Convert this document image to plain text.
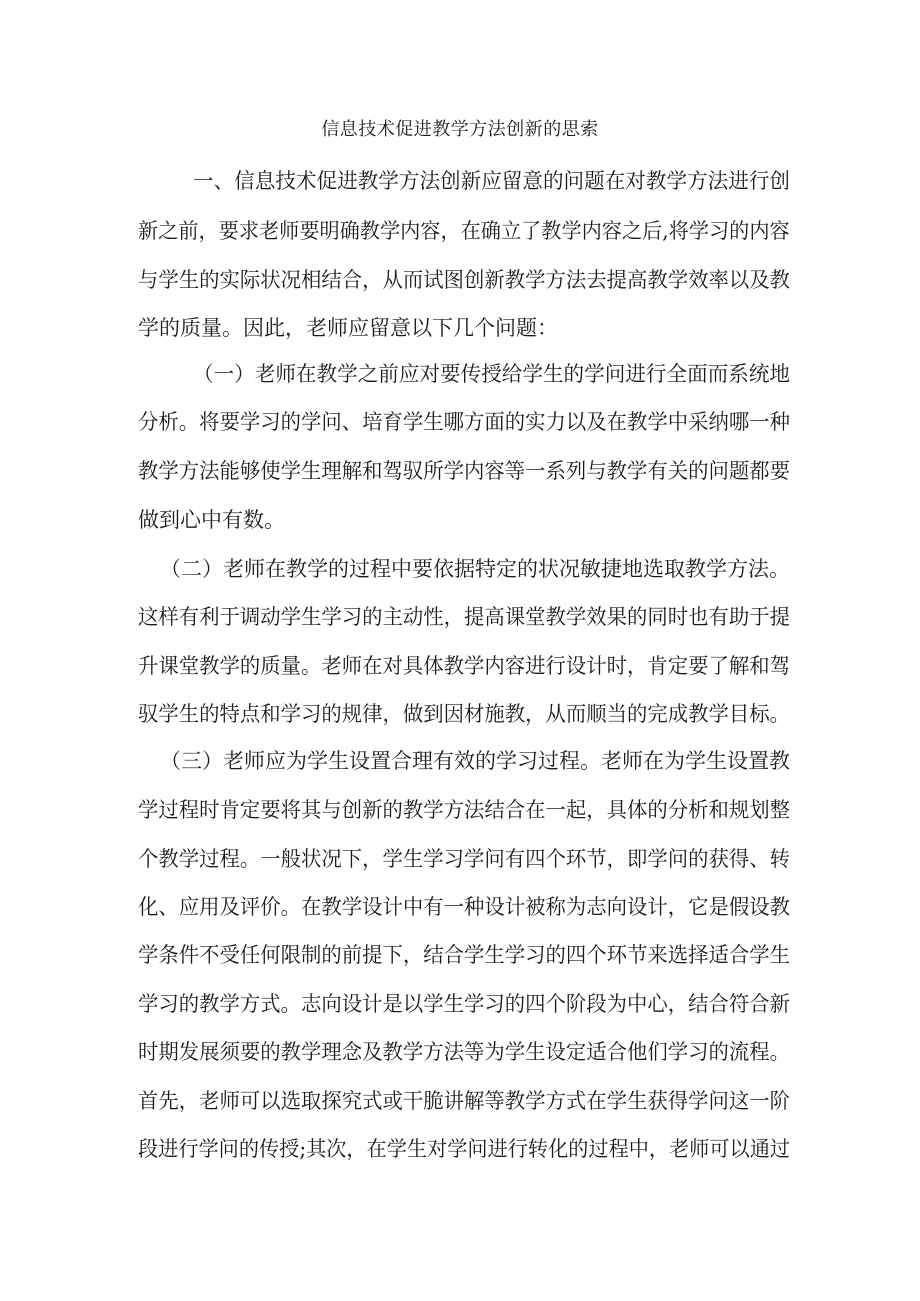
信息技术促进教学方法创新的思索
一、信息技术促进教学方法创新应留意的问题在对教学方法进行创
新之前，要求老师要明确教学内容，在确立了教学内容之后,将学习的内容
与学生的实际状况相结合，从而试图创新教学方法去提高教学效率以及教
学的质量。因此，老师应留意以下几个问题：
（一）老师在教学之前应对要传授给学生的学问进行全面而系统地
分析。将要学习的学问、培育学生哪方面的实力以及在教学中采纳哪一种
教学方法能够使学生理解和驾驭所学内容等一系列与教学有关的问题都要
做到心中有数。
（二）老师在教学的过程中要依据特定的状况敏捷地选取教学方法。
这样有利于调动学生学习的主动性，提高课堂教学效果的同时也有助于提
升课堂教学的质量。老师在对具体教学内容进行设计时，肯定要了解和驾
驭学生的特点和学习的规律，做到因材施教，从而顺当的完成教学目标。
（三）老师应为学生设置合理有效的学习过程。老师在为学生设置教
学过程时肯定要将其与创新的教学方法结合在一起，具体的分析和规划整
个教学过程。一般状况下，学生学习学问有四个环节，即学问的获得、转
化、应用及评价。在教学设计中有一种设计被称为志向设计，它是假设教
学条件不受任何限制的前提下，结合学生学习的四个环节来选择适合学生
学习的教学方式。志向设计是以学生学习的四个阶段为中心，结合符合新
时期发展须要的教学理念及教学方法等为学生设定适合他们学习的流程。
首先，老师可以选取探究式或干脆讲解等教学方式在学生获得学问这一阶
段进行学问的传授;其次，在学生对学问进行转化的过程中，老师可以通过
